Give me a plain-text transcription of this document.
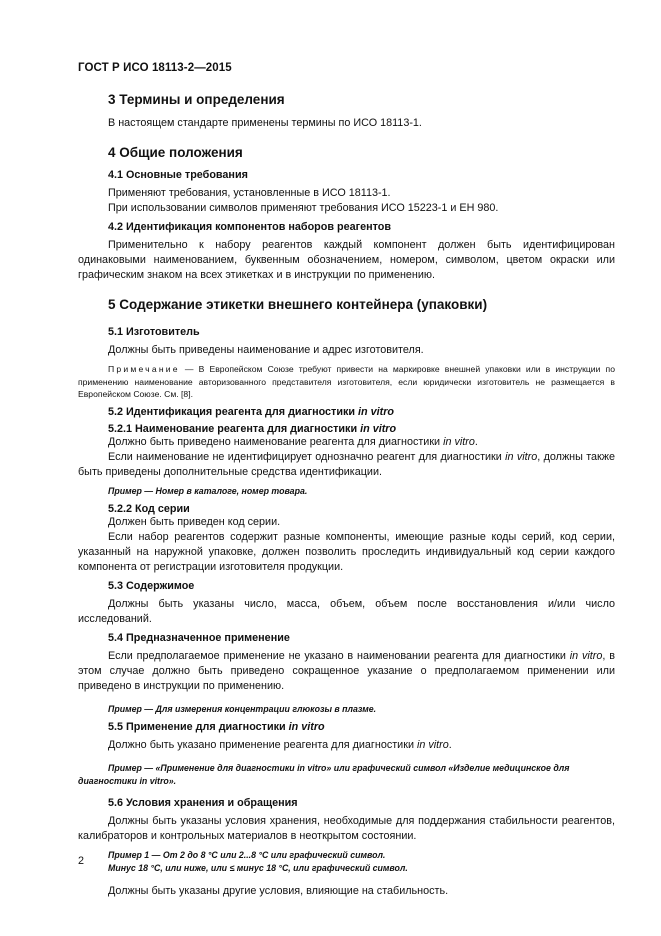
ГОСТ Р ИСО 18113-2—2015
3 Термины и определения

В настоящем стандарте применены термины по ИСО 18113-1.

4 Общие положения
4.1 Основные требования

Применяют требования, установленные в ИСО 18113-1.

При использовании символов применяют требования ИСО 15223-1 и ЕН 980.

4.2 Идентификация компонентов наборов реагентов

Применительно к набору реагентов каждый компонент должен быть идентифицирован одинаковыми наименованием, буквенным обозначением, номером, символом, цветом окраски или графическим знаком на всех этикетках и в инструкции по применению.

5 Содержание этикетки внешнего контейнера (упаковки)
5.1 Изготовитель

Должны быть приведены наименование и адрес изготовителя.

Примечание — В Европейском Союзе требуют привести на маркировке внешней упаковки или в инструкции по применению наименование авторизованного представителя изготовителя, если юридически изготовитель не размещается в Европейском Союзе. См. [8].

5.2 Идентификация реагента для диагностики in vitro
5.2.1 Наименование реагента для диагностики in vitro

Должно быть приведено наименование реагента для диагностики in vitro.

Если наименование не идентифицирует однозначно реагент для диагностики in vitro, должны также быть приведены дополнительные средства идентификации.

Пример — Номер в каталоге, номер товара.
5.2.2 Код серии

Должен быть приведен код серии.

Если набор реагентов содержит разные компоненты, имеющие разные коды серий, код серии, указанный на наружной упаковке, должен позволить проследить индивидуальный код серии каждого компонента от регистрации изготовителя продукции.

5.3 Содержимое

Должны быть указаны число, масса, объем, объем после восстановления и/или число исследований.

5.4 Предназначенное применение

Если предполагаемое применение не указано в наименовании реагента для диагностики in vitro, в этом случае должно быть приведено сокращенное указание о предполагаемом применении или приведено в инструкции по применению.

Пример — Для измерения концентрации глюкозы в плазме.
5.5 Применение для диагностики in vitro

Должно быть указано применение реагента для диагностики in vitro.

Пример — «Применение для диагностики in vitro» или графический символ «Изделие медицинское для диагностики in vitro».
5.6 Условия хранения и обращения

Должны быть указаны условия хранения, необходимые для поддержания стабильности реагентов, калибраторов и контрольных материалов в неоткрытом состоянии.

Пример 1 — От 2 до 8 °С или 2...8 °С или графический символ.
Минус 18 °С, или ниже, или ≤ минус 18 °С, или графический символ.

Должны быть указаны другие условия, влияющие на стабильность.

2
